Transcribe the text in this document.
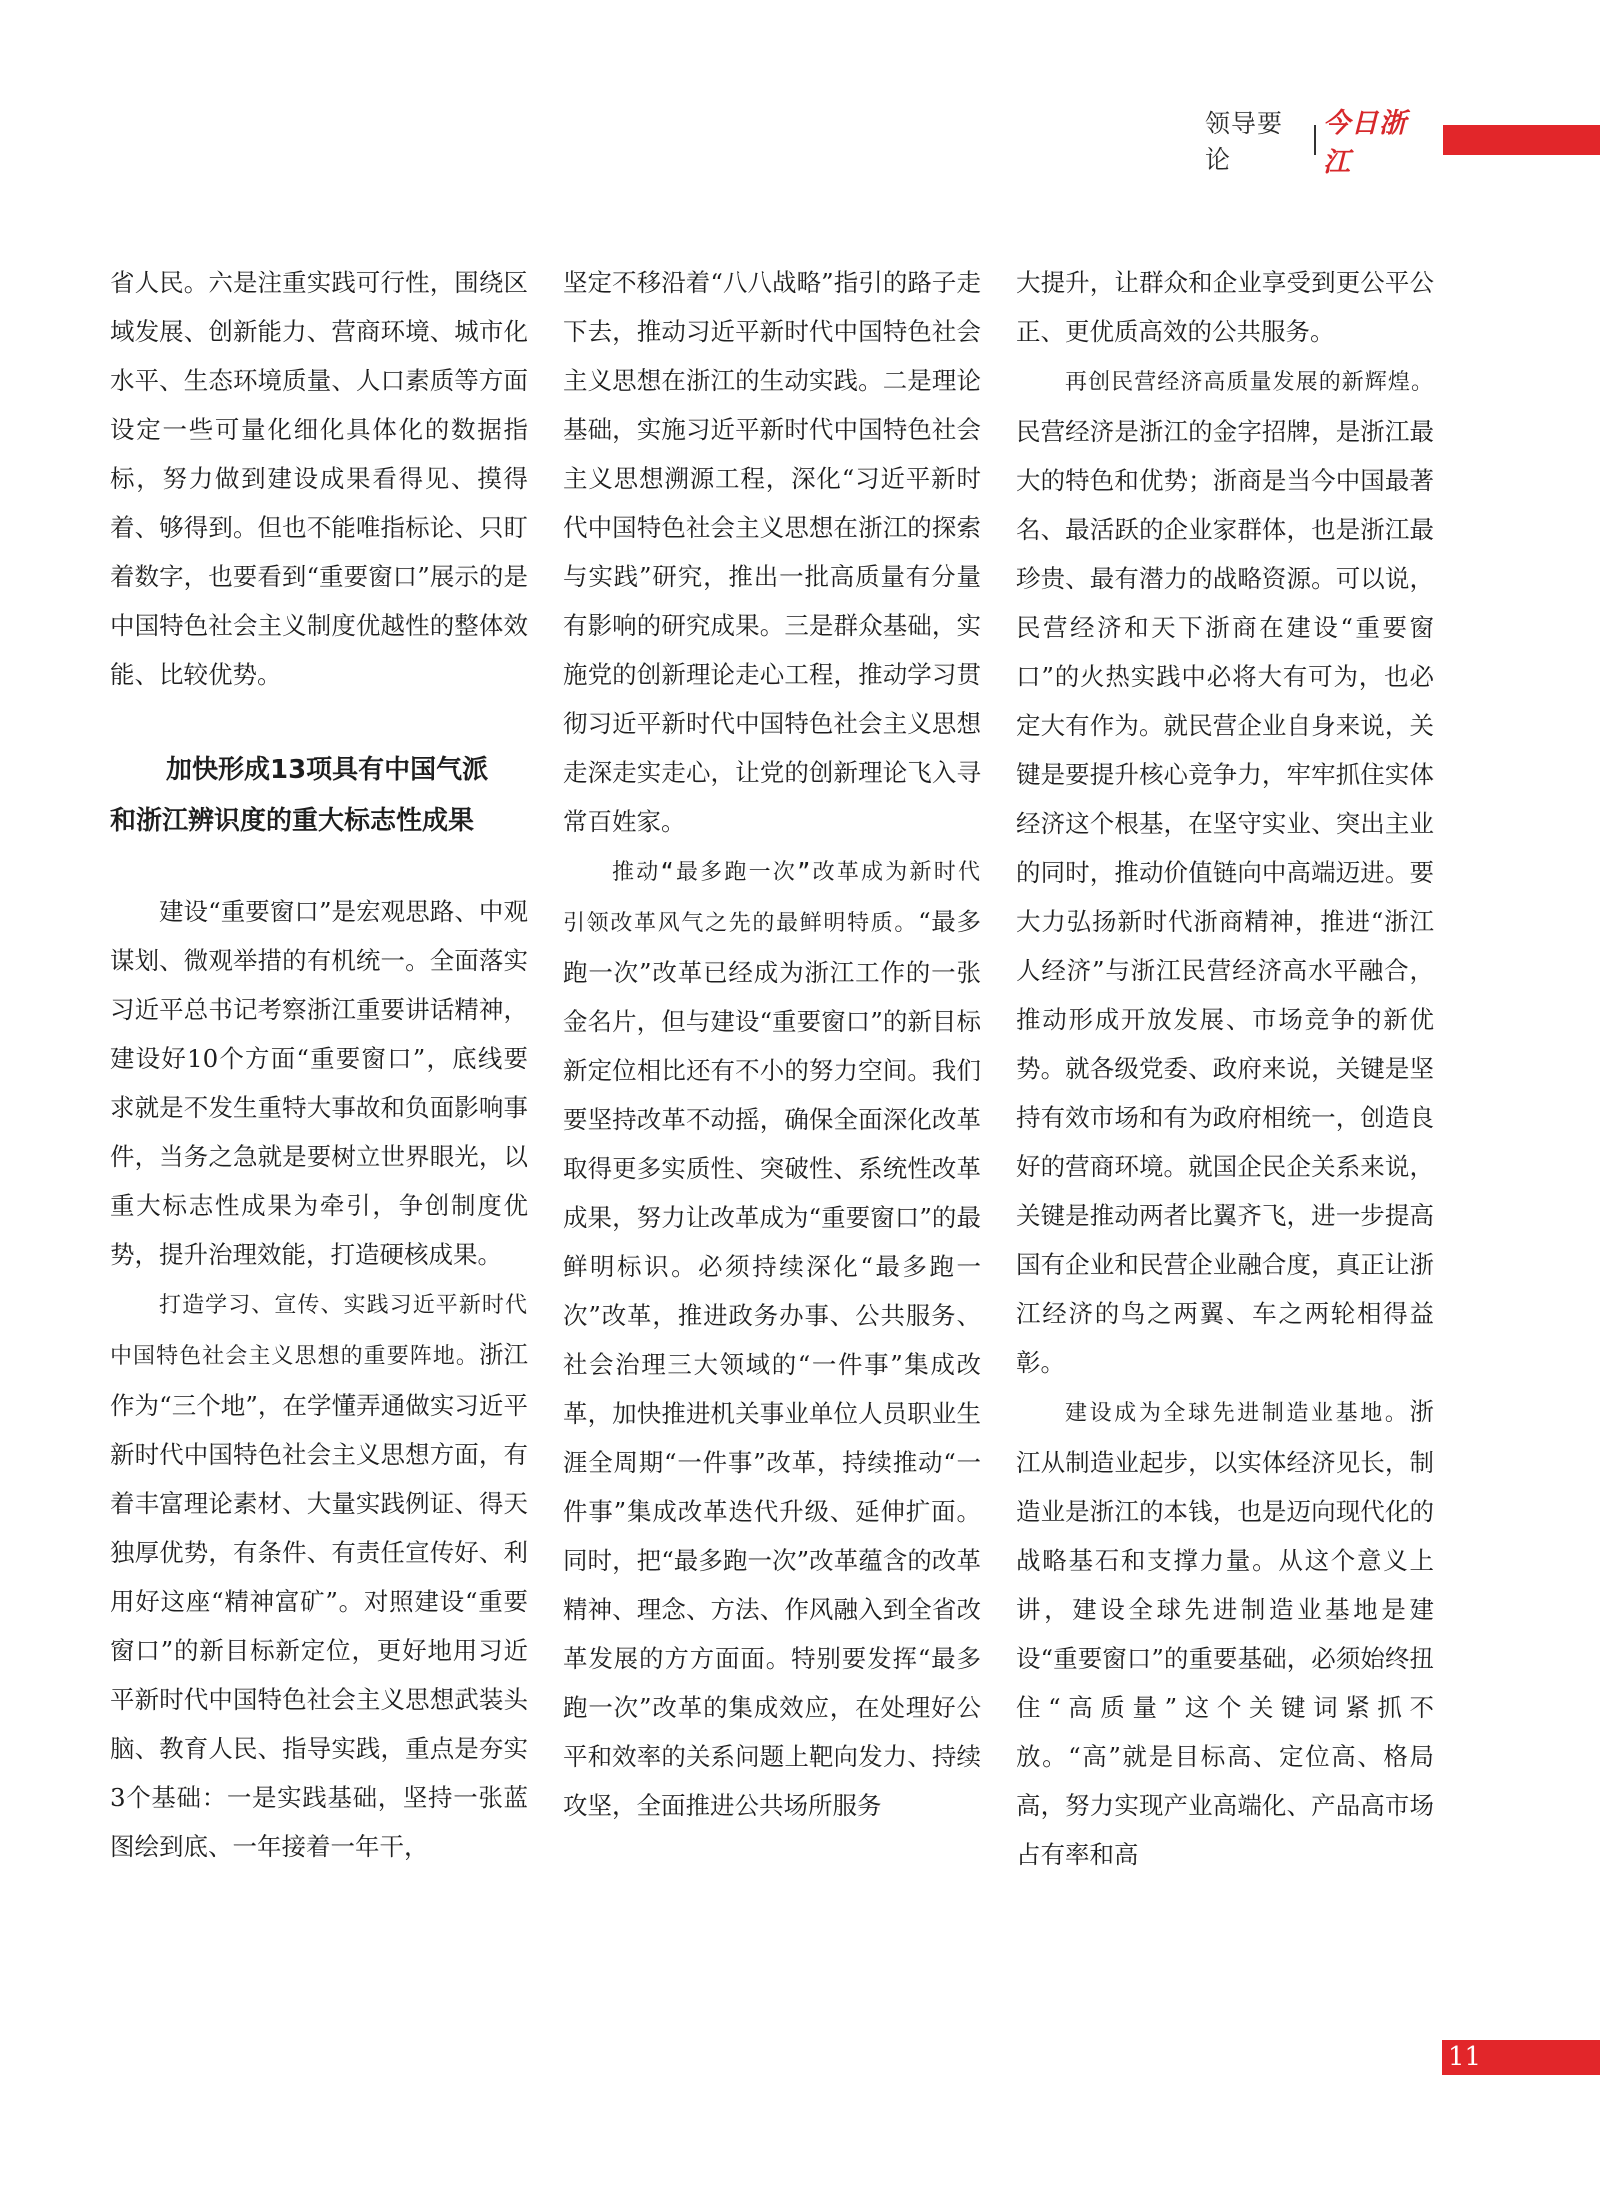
领导要论
今日浙江

省人民。六是注重实践可行性，围绕区域发展、创新能力、营商环境、城市化水平、生态环境质量、人口素质等方面设定一些可量化细化具体化的数据指标，努力做到建设成果看得见、摸得着、够得到。但也不能唯指标论、只盯着数字，也要看到“重要窗口”展示的是中国特色社会主义制度优越性的整体效能、比较优势。

加快形成13项具有中国气派
和浙江辨识度的重大标志性成果

建设“重要窗口”是宏观思路、中观谋划、微观举措的有机统一。全面落实习近平总书记考察浙江重要讲话精神，建设好10个方面“重要窗口”，底线要求就是不发生重特大事故和负面影响事件，当务之急就是要树立世界眼光，以重大标志性成果为牵引，争创制度优势，提升治理效能，打造硬核成果。

打造学习、宣传、实践习近平新时代中国特色社会主义思想的重要阵地。浙江作为“三个地”，在学懂弄通做实习近平新时代中国特色社会主义思想方面，有着丰富理论素材、大量实践例证、得天独厚优势，有条件、有责任宣传好、利用好这座“精神富矿”。对照建设“重要窗口”的新目标新定位，更好地用习近平新时代中国特色社会主义思想武装头脑、教育人民、指导实践，重点是夯实3个基础：一是实践基础，坚持一张蓝图绘到底、一年接着一年干，

坚定不移沿着“八八战略”指引的路子走下去，推动习近平新时代中国特色社会主义思想在浙江的生动实践。二是理论基础，实施习近平新时代中国特色社会主义思想溯源工程，深化“习近平新时代中国特色社会主义思想在浙江的探索与实践”研究，推出一批高质量有分量有影响的研究成果。三是群众基础，实施党的创新理论走心工程，推动学习贯彻习近平新时代中国特色社会主义思想走深走实走心，让党的创新理论飞入寻常百姓家。

推动“最多跑一次”改革成为新时代引领改革风气之先的最鲜明特质。“最多跑一次”改革已经成为浙江工作的一张金名片，但与建设“重要窗口”的新目标新定位相比还有不小的努力空间。我们要坚持改革不动摇，确保全面深化改革取得更多实质性、突破性、系统性改革成果，努力让改革成为“重要窗口”的最鲜明标识。必须持续深化“最多跑一次”改革，推进政务办事、公共服务、社会治理三大领域的“一件事”集成改革，加快推进机关事业单位人员职业生涯全周期“一件事”改革，持续推动“一件事”集成改革迭代升级、延伸扩面。同时，把“最多跑一次”改革蕴含的改革精神、理念、方法、作风融入到全省改革发展的方方面面。特别要发挥“最多跑一次”改革的集成效应，在处理好公平和效率的关系问题上靶向发力、持续攻坚，全面推进公共场所服务

大提升，让群众和企业享受到更公平公正、更优质高效的公共服务。

再创民营经济高质量发展的新辉煌。民营经济是浙江的金字招牌，是浙江最大的特色和优势；浙商是当今中国最著名、最活跃的企业家群体，也是浙江最珍贵、最有潜力的战略资源。可以说，民营经济和天下浙商在建设“重要窗口”的火热实践中必将大有可为，也必定大有作为。就民营企业自身来说，关键是要提升核心竞争力，牢牢抓住实体经济这个根基，在坚守实业、突出主业的同时，推动价值链向中高端迈进。要大力弘扬新时代浙商精神，推进“浙江人经济”与浙江民营经济高水平融合，推动形成开放发展、市场竞争的新优势。就各级党委、政府来说，关键是坚持有效市场和有为政府相统一，创造良好的营商环境。就国企民企关系来说，关键是推动两者比翼齐飞，进一步提高国有企业和民营企业融合度，真正让浙江经济的鸟之两翼、车之两轮相得益彰。

建设成为全球先进制造业基地。浙江从制造业起步，以实体经济见长，制造业是浙江的本钱，也是迈向现代化的战略基石和支撑力量。从这个意义上讲，建设全球先进制造业基地是建设“重要窗口”的重要基础，必须始终扭住“高质量”这个关键词紧抓不放。“高”就是目标高、定位高、格局高，努力实现产业高端化、产品高市场占有率和高

11
